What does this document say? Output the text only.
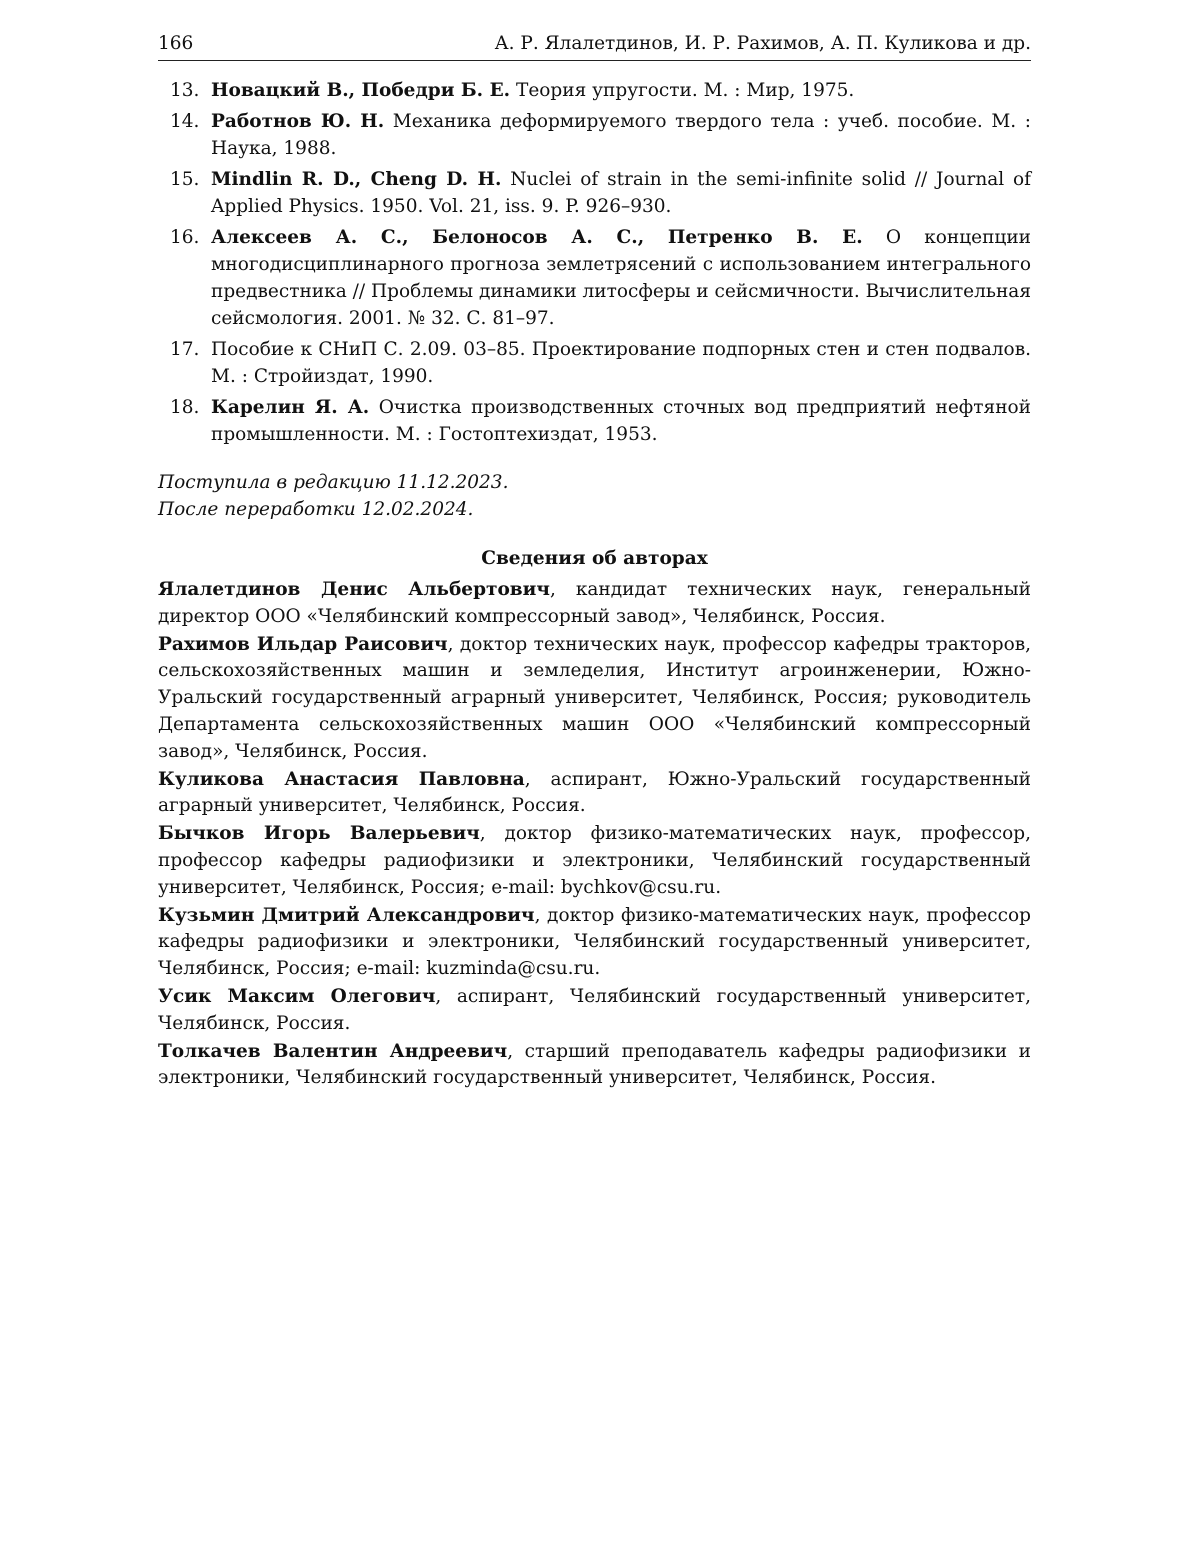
166	А. Р. Ялалетдинов, И. Р. Рахимов, А. П. Куликова и др.
13. Новацкий В., Победри Б. Е. Теория упругости. М. : Мир, 1975.
14. Работнов Ю. Н. Механика деформируемого твердого тела : учеб. пособие. М. : Наука, 1988.
15. Mindlin R. D., Cheng D. H. Nuclei of strain in the semi-infinite solid // Journal of Applied Physics. 1950. Vol. 21, iss. 9. P. 926–930.
16. Алексеев А. С., Белоносов А. С., Петренко В. Е. О концепции многодисциплинарного прогноза землетрясений с использованием интегрального предвестника // Проблемы динамики литосферы и сейсмичности. Вычислительная сейсмология. 2001. № 32. С. 81–97.
17. Пособие к СНиП С. 2.09. 03–85. Проектирование подпорных стен и стен подвалов. М. : Стройиздат, 1990.
18. Карелин Я. А. Очистка производственных сточных вод предприятий нефтяной промышленности. М. : Гостоптехиздат, 1953.
Поступила в редакцию 11.12.2023.
После переработки 12.02.2024.
Сведения об авторах

Ялалетдинов Денис Альбертович, кандидат технических наук, генеральный директор ООО «Челябинский компрессорный завод», Челябинск, Россия.

Рахимов Ильдар Раисович, доктор технических наук, профессор кафедры тракторов, сельскохозяйственных машин и земледелия, Институт агроинженерии, Южно-Уральский государственный аграрный университет, Челябинск, Россия; руководитель Департамента сельскохозяйственных машин ООО «Челябинский компрессорный завод», Челябинск, Россия.

Куликова Анастасия Павловна, аспирант, Южно-Уральский государственный аграрный университет, Челябинск, Россия.

Бычков Игорь Валерьевич, доктор физико-математических наук, профессор, профессор кафедры радиофизики и электроники, Челябинский государственный университет, Челябинск, Россия; e-mail: bychkov@csu.ru.

Кузьмин Дмитрий Александрович, доктор физико-математических наук, профессор кафедры радиофизики и электроники, Челябинский государственный университет, Челябинск, Россия; e-mail: kuzminda@csu.ru.

Усик Максим Олегович, аспирант, Челябинский государственный университет, Челябинск, Россия.

Толкачев Валентин Андреевич, старший преподаватель кафедры радиофизики и электроники, Челябинский государственный университет, Челябинск, Россия.
